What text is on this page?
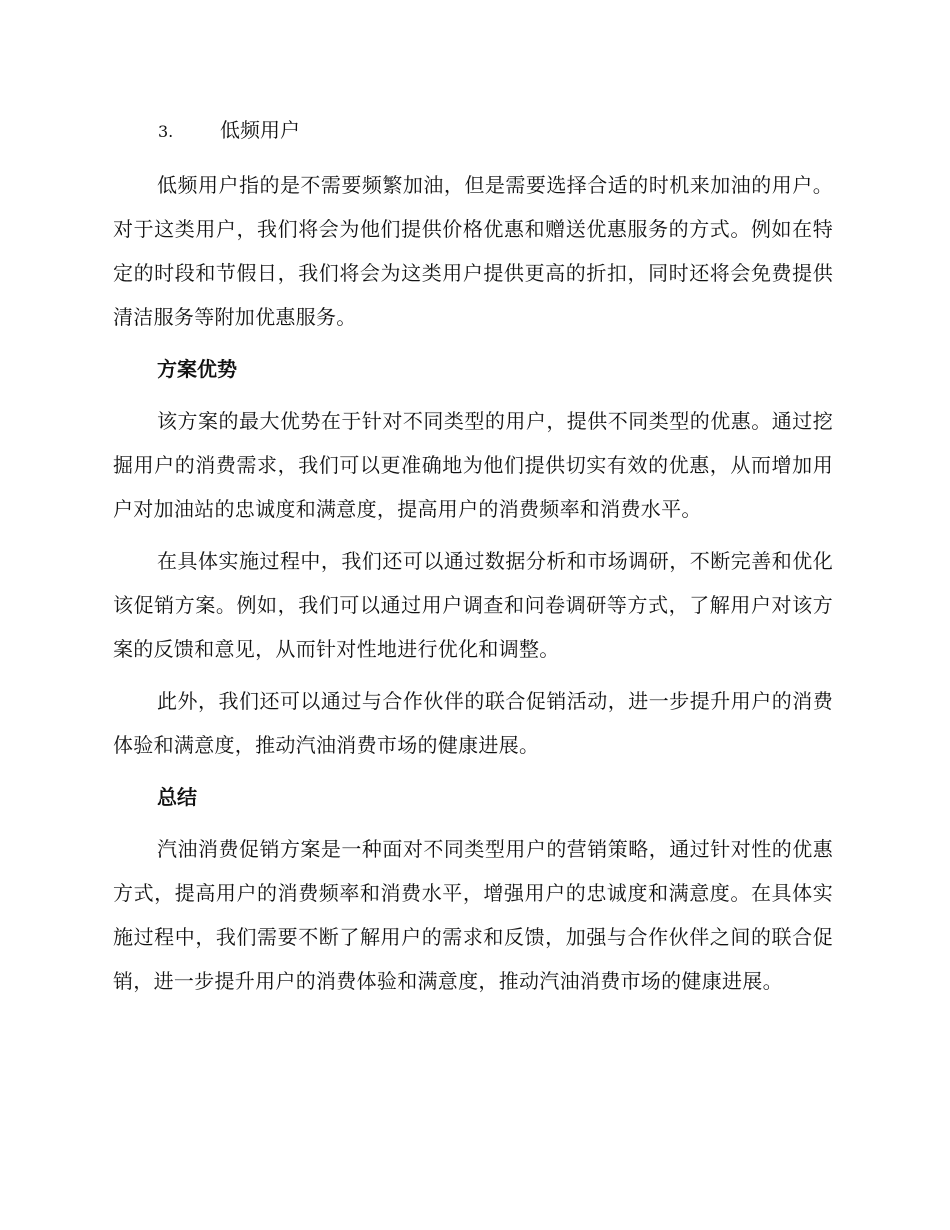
3.	低频用户

低频用户指的是不需要频繁加油，但是需要选择合适的时机来加油的用户。对于这类用户，我们将会为他们提供价格优惠和赠送优惠服务的方式。例如在特定的时段和节假日，我们将会为这类用户提供更高的折扣，同时还将会免费提供清洁服务等附加优惠服务。

方案优势

该方案的最大优势在于针对不同类型的用户，提供不同类型的优惠。通过挖掘用户的消费需求，我们可以更准确地为他们提供切实有效的优惠，从而增加用户对加油站的忠诚度和满意度，提高用户的消费频率和消费水平。

在具体实施过程中，我们还可以通过数据分析和市场调研，不断完善和优化该促销方案。例如，我们可以通过用户调查和问卷调研等方式，了解用户对该方案的反馈和意见，从而针对性地进行优化和调整。

此外，我们还可以通过与合作伙伴的联合促销活动，进一步提升用户的消费体验和满意度，推动汽油消费市场的健康进展。

总结

汽油消费促销方案是一种面对不同类型用户的营销策略，通过针对性的优惠方式，提高用户的消费频率和消费水平，增强用户的忠诚度和满意度。在具体实施过程中，我们需要不断了解用户的需求和反馈，加强与合作伙伴之间的联合促销，进一步提升用户的消费体验和满意度，推动汽油消费市场的健康进展。
